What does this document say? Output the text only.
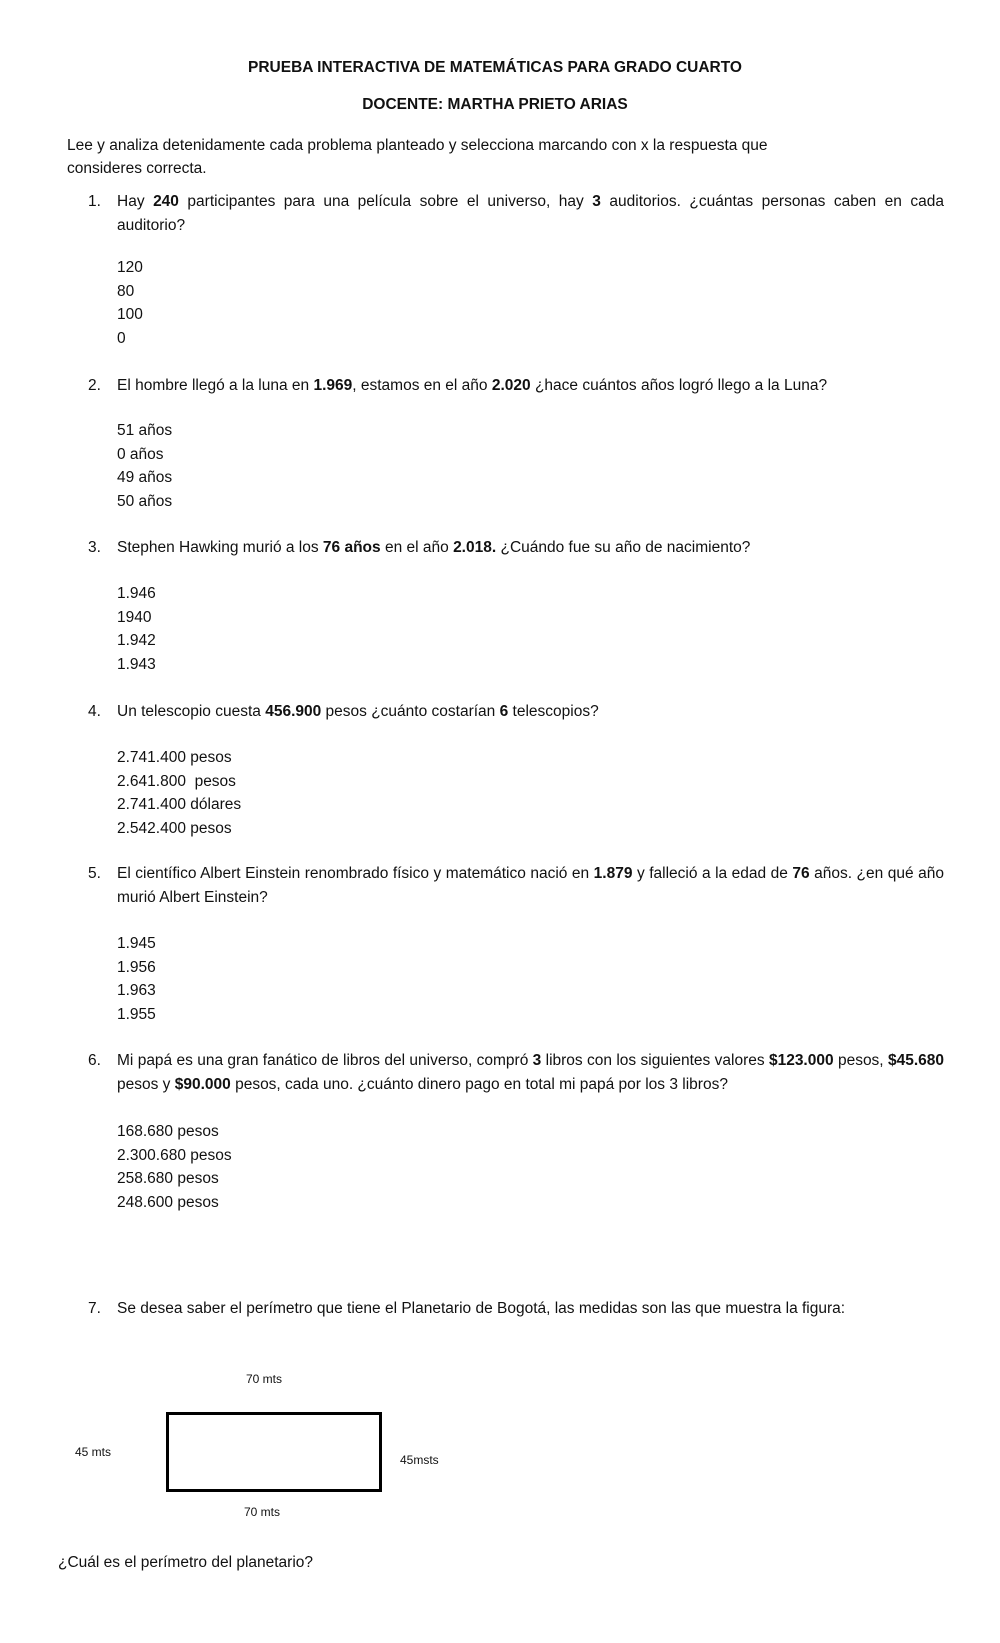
PRUEBA INTERACTIVA DE MATEMÁTICAS PARA GRADO CUARTO
DOCENTE: MARTHA PRIETO ARIAS
Lee y analiza detenidamente cada problema planteado y selecciona marcando con x la respuesta que
consideres correcta.
1.	Hay 240 participantes para una película sobre el universo, hay 3 auditorios. ¿cuántas personas caben en cada auditorio?
120
80
100
0
2.	El hombre llegó a la luna en 1.969, estamos en el año 2.020 ¿hace cuántos años logró llego a la Luna?
51 años
0 años
49 años
50 años
3.	Stephen Hawking murió a los 76 años en el año 2.018. ¿Cuándo fue su año de nacimiento?
1.946
1940
1.942
1.943
4.	Un telescopio cuesta 456.900 pesos ¿cuánto costarían 6 telescopios?
2.741.400 pesos
2.641.800  pesos
2.741.400 dólares
2.542.400 pesos
5.	El científico Albert Einstein renombrado físico y matemático nació en 1.879 y falleció a la edad de 76 años. ¿en qué año murió Albert Einstein?
1.945
1.956
1.963
1.955
6.	Mi papá es una gran fanático de libros del universo, compró 3 libros con los siguientes valores $123.000 pesos, $45.680 pesos y $90.000 pesos, cada uno. ¿cuánto dinero pago en total mi papá por los 3 libros?
168.680 pesos
2.300.680 pesos
258.680 pesos
248.600 pesos
7.	Se desea saber el perímetro que tiene el Planetario de Bogotá, las medidas son las que muestra la figura:
70 mts
45 mts
45msts
70 mts
¿Cuál es el perímetro del planetario?
